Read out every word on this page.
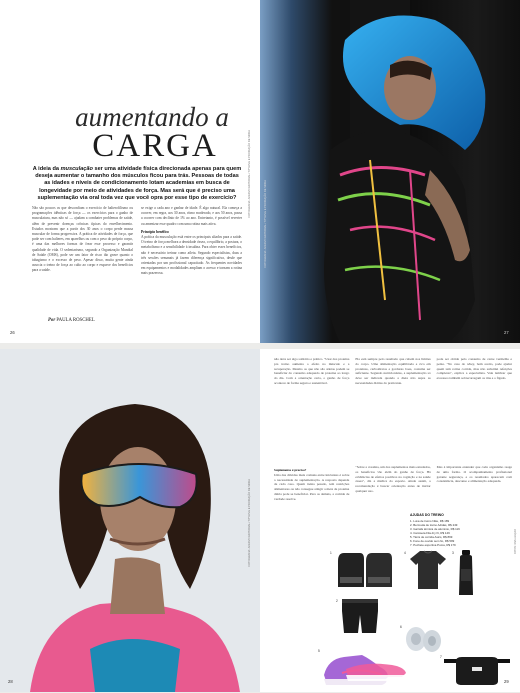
aumentando a
CARGA
A ideia da musculação ser uma atividade física direcionada apenas para quem deseja aumentar o tamanho dos músculos ficou para trás. Pessoas de todas as idades e níveis de condicionamento lotam academias em busca de longevidade por meio de atividades de força. Mas será que é preciso uma suplementação via oral toda vez que você opra por esse tipo de exercício?
Não são poucos os que desconfiam o exercício de halterofilismo ou programações idênticas de força — os exercícios para o ganho de musculatura, mas não só — ajudam a combater problemas de saúde, além de prevenir doenças crônicas típicas do envelhecimento. Estudos mostram que a partir dos 30 anos o corpo perde massa muscular de forma progressiva. A prática de atividades de força, que pode ser com halteres, em aparelhos ou com o peso do próprio corpo, é uma das melhores formas de frear esse processo e garantir qualidade de vida. O sedentarismo, segundo a Organização Mundial de Saúde (OMS), pode ser um fator de risco tão grave quanto o tabagismo e o excesso de peso. Apesar disso, muita gente ainda associa o treino de força ao culto ao corpo e esquece dos benefícios para a saúde.
se exige a cada ano e ganhar de idade. É algo natural. Ela começa a ocorrer, em regra, aos 30 anos, ritmo moderado, e aos 50 anos, passa a ocorrer com declínio de 1% ao ano. Entretanto, é possível reverter ou amenizar esse quadro com uma rotina mais ativa.
Princípio benéfico
A prática da musculação está entre os principais aliados para a saúde. O treino de força melhora a densidade óssea, o equilíbrio, a postura, o metabolismo e a sensibilidade à insulina. Para obter esses benefícios, não é necessário treinar como atleta. Segundo especialistas, duas a três sessões semanais já fazem diferença significativa, desde que orientadas por um profissional capacitado. As frequentes novidades em equipamentos e modalidades ampliam o acesso e tornam a rotina mais prazerosa.
Por PAULA ROSCHEL
26
FOTOGRAFIA: ACERVO EDITORIAL / STYLING E PRODUÇÃO DE MODA
27
FOTOGRAFIA: ACERVO EDITORIAL / STYLING E PRODUÇÃO DE MODA
28
FOTOGRAFIA: ACERVO EDITORIAL / STYLING E PRODUÇÃO DE MODA
não deve ser algo solitário e prático. "Usar dos proteína pra treino aumenta o efeito no músculo e a recuperação. Mesmo os que não são atletas podem se beneficiar do consumo adequado de proteína ao longo do dia. Com a orientação certa, o ganho de força acontece de forma segura e sustentável.
Ela está sempre pelo resultado que cabem nos limites do corpo. Uma alimentação equilibrada e rica em proteínas, carboidratos e gorduras boas, costuma ser suficiente. Segundo nutricionistas, a suplementação só deve ser indicada quando a dieta não supre as necessidades diárias do praticante.
pode ser obtida pelo consumo de carne vermelha e peixe. "No caso do whey, bem aceito, pode ajudar quem tem rotina corrida, mas não substitui refeições completas", explica a especialista. Vale lembrar que excessos também sobrecarregam os rins e o fígado.
Suplemento é preciso?
Uma das dúvidas mais comuns entre iniciantes é sobre a necessidade de suplementação. A resposta depende de cada caso. Quem treina pesado, tem restrições alimentares ou não consegue atingir a meta de proteína diária pode se beneficiar. Para os demais, a comida de verdade resolve.
"Sobre a creatina, um dos suplementos mais estudados, os benefícios vão além do ganho de força. Há evidências de efeitos positivos na cognição e na saúde óssea", diz a médica do esporte. Ainda assim, a recomendação é buscar orientação antes de iniciar qualquer uso.
Mas é importante entender que cada organismo reage de uma forma. O acompanhamento profissional garante segurança, e os resultados aparecem com consistência, descanso e alimentação adequada.
AJUDAS DO TREINO
1. Luva de treino Nike, R$ 189
2. Bermuda de treino Adidas, R$ 249
3. Garrafa térmica de alumínio, R$ 119
4. Camiseta Fila dry fit, R$ 149
5. Tênis de corrida Asics, R$ 899
6. Fone de ouvido sem fio, R$ 599
7. Pochete esportiva Puma, R$ 179
1
2
3
4
5
6
7
29
FOTOS: DIVULGAÇÃO
